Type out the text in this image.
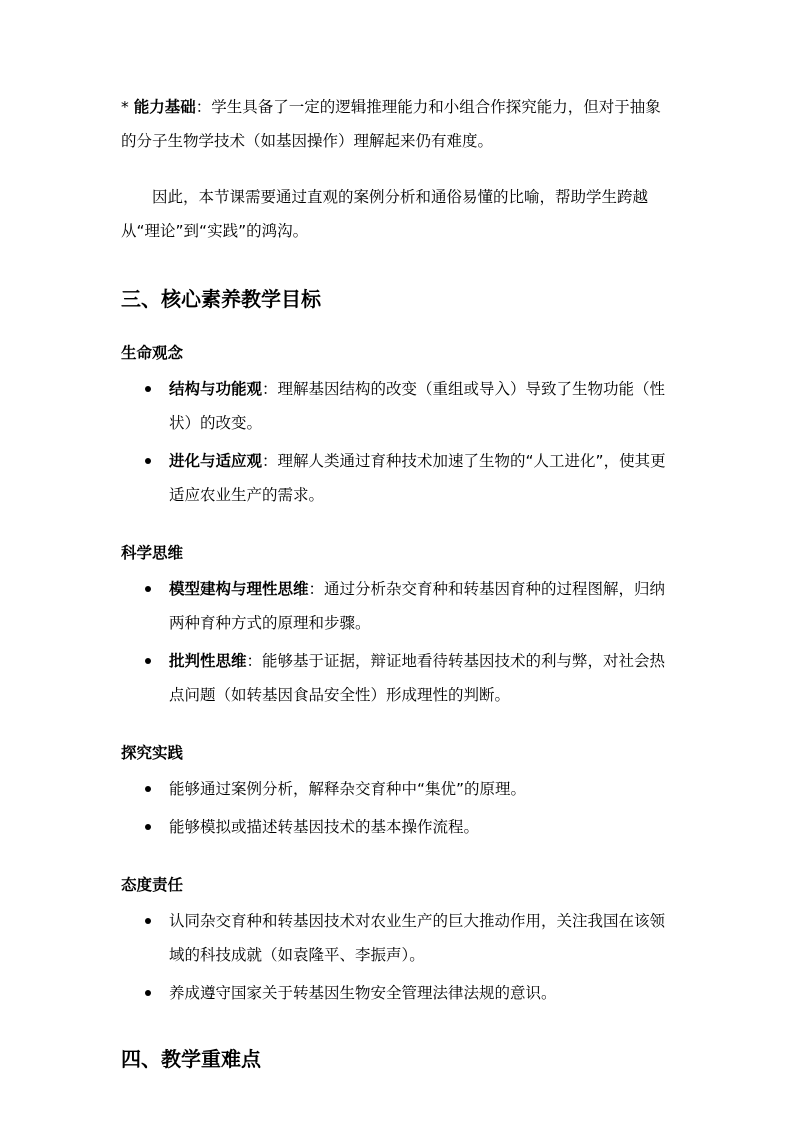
* 能力基础：学生具备了一定的逻辑推理能力和小组合作探究能力，但对于抽象的分子生物学技术（如基因操作）理解起来仍有难度。

因此，本节课需要通过直观的案例分析和通俗易懂的比喻，帮助学生跨越从“理论”到“实践”的鸿沟。

三、核心素养教学目标
生命观念
结构与功能观：理解基因结构的改变（重组或导入）导致了生物功能（性状）的改变。
进化与适应观：理解人类通过育种技术加速了生物的“人工进化”，使其更适应农业生产的需求。
科学思维
模型建构与理性思维：通过分析杂交育种和转基因育种的过程图解，归纳两种育种方式的原理和步骤。
批判性思维：能够基于证据，辩证地看待转基因技术的利与弊，对社会热点问题（如转基因食品安全性）形成理性的判断。
探究实践
能够通过案例分析，解释杂交育种中“集优”的原理。
能够模拟或描述转基因技术的基本操作流程。
态度责任
认同杂交育种和转基因技术对农业生产的巨大推动作用，关注我国在该领域的科技成就（如袁隆平、李振声）。
养成遵守国家关于转基因生物安全管理法律法规的意识。
四、教学重难点
